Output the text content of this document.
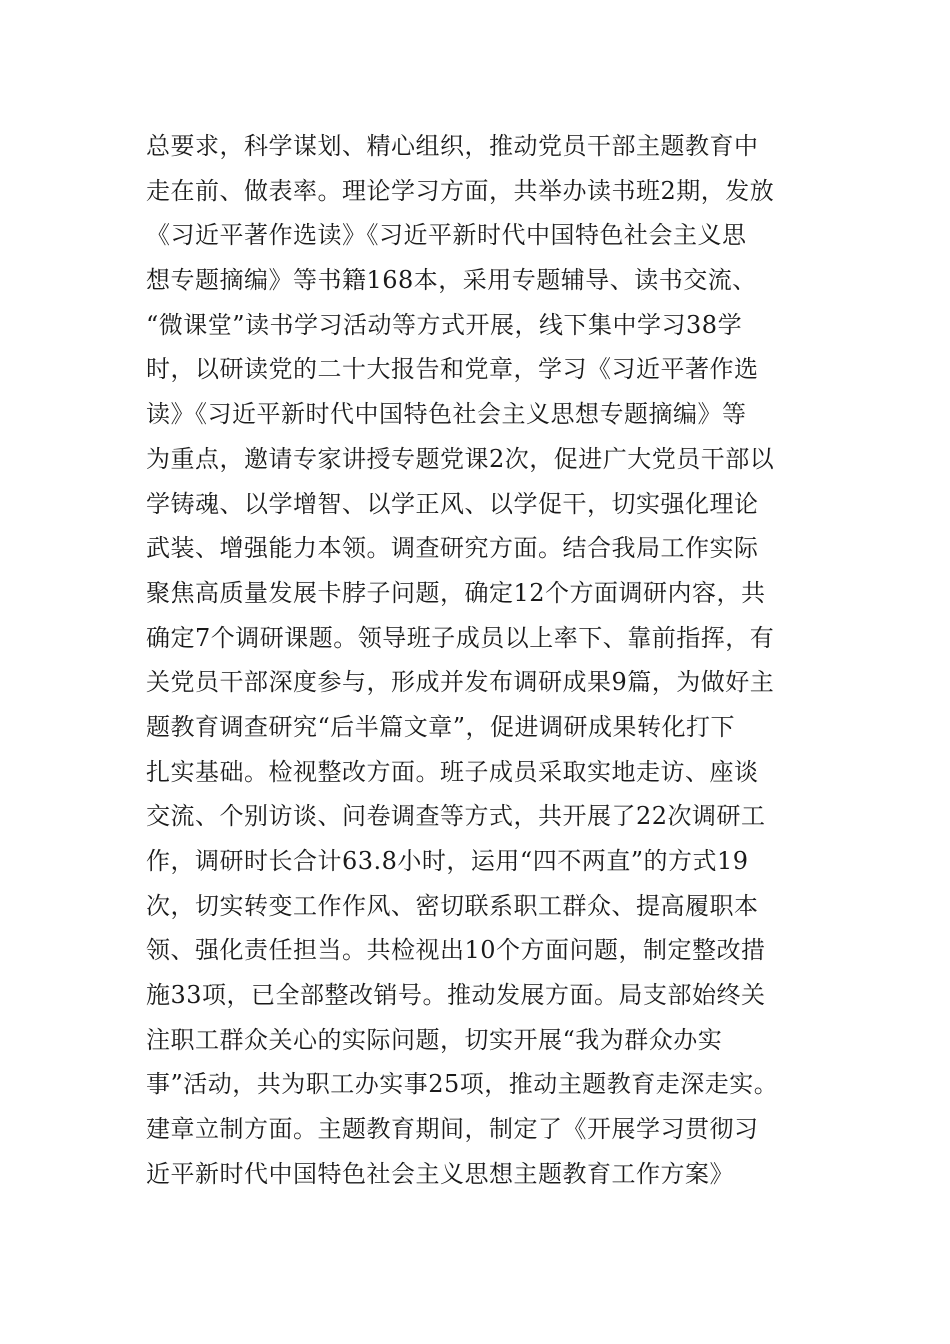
总要求，科学谋划、精心组织，推动党员干部主题教育中
走在前、做表率。理论学习方面，共举办读书班2期，发放
《习近平著作选读》《习近平新时代中国特色社会主义思
想专题摘编》等书籍168本，采用专题辅导、读书交流、
“微课堂”读书学习活动等方式开展，线下集中学习38学
时，以研读党的二十大报告和党章，学习《习近平著作选
读》《习近平新时代中国特色社会主义思想专题摘编》等
为重点，邀请专家讲授专题党课2次，促进广大党员干部以
学铸魂、以学增智、以学正风、以学促干，切实强化理论
武装、增强能力本领。调查研究方面。结合我局工作实际
聚焦高质量发展卡脖子问题，确定12个方面调研内容，共
确定7个调研课题。领导班子成员以上率下、靠前指挥，有
关党员干部深度参与，形成并发布调研成果9篇，为做好主
题教育调查研究“后半篇文章”，促进调研成果转化打下
扎实基础。检视整改方面。班子成员采取实地走访、座谈
交流、个别访谈、问卷调查等方式，共开展了22次调研工
作，调研时长合计63.8小时，运用“四不两直”的方式19
次，切实转变工作作风、密切联系职工群众、提高履职本
领、强化责任担当。共检视出10个方面问题，制定整改措
施33项，已全部整改销号。推动发展方面。局支部始终关
注职工群众关心的实际问题，切实开展“我为群众办实
事”活动，共为职工办实事25项，推动主题教育走深走实。
建章立制方面。主题教育期间，制定了《开展学习贯彻习
近平新时代中国特色社会主义思想主题教育工作方案》
